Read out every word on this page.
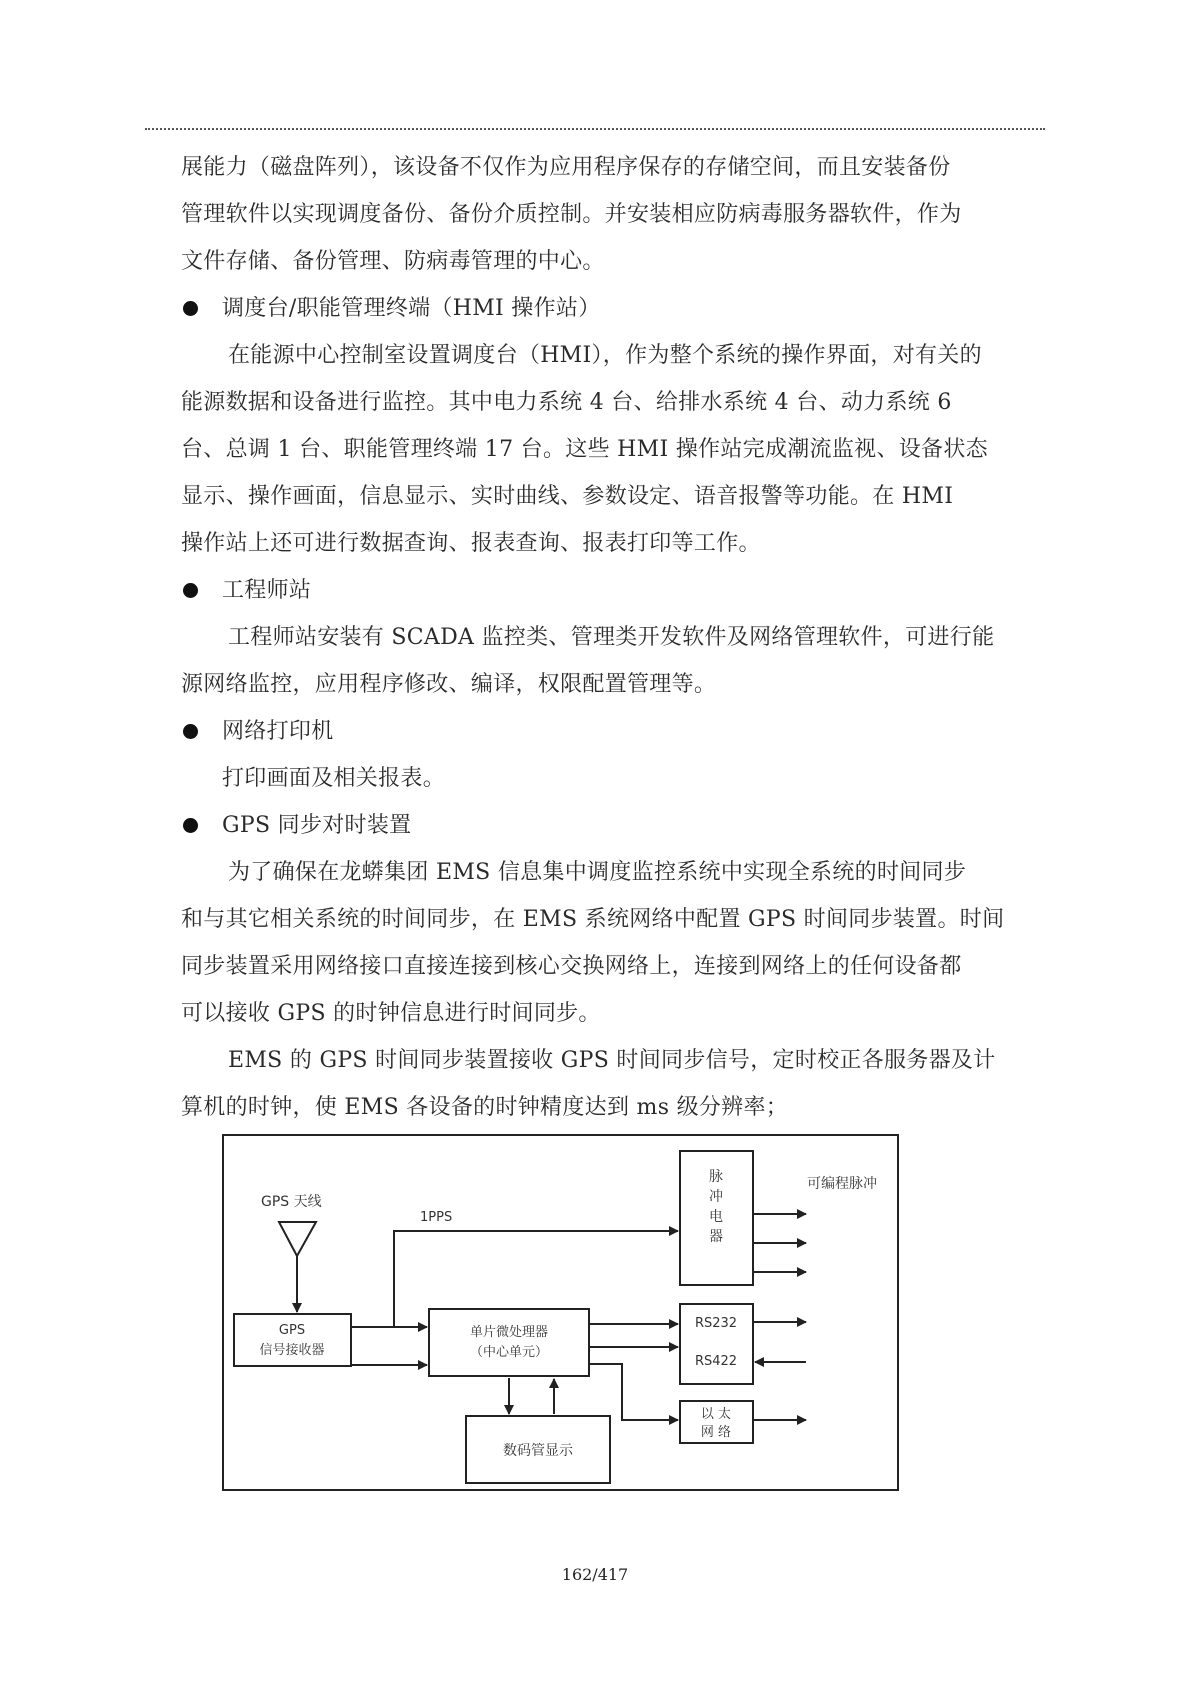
展能力（磁盘阵列），该设备不仅作为应用程序保存的存储空间，而且安装备份
管理软件以实现调度备份、备份介质控制。并安装相应防病毒服务器软件，作为
文件存储、备份管理、防病毒管理的中心。
调度台/职能管理终端（HMI 操作站）
在能源中心控制室设置调度台（HMI），作为整个系统的操作界面，对有关的
能源数据和设备进行监控。其中电力系统 4 台、给排水系统 4 台、动力系统 6
台、总调 1 台、职能管理终端 17 台。这些 HMI 操作站完成潮流监视、设备状态
显示、操作画面，信息显示、实时曲线、参数设定、语音报警等功能。在 HMI
操作站上还可进行数据查询、报表查询、报表打印等工作。
工程师站
工程师站安装有 SCADA 监控类、管理类开发软件及网络管理软件，可进行能
源网络监控，应用程序修改、编译，权限配置管理等。
网络打印机
打印画面及相关报表。
GPS 同步对时装置
为了确保在龙蟒集团 EMS 信息集中调度监控系统中实现全系统的时间同步
和与其它相关系统的时间同步，在 EMS 系统网络中配置 GPS 时间同步装置。时间
同步装置采用网络接口直接连接到核心交换网络上，连接到网络上的任何设备都
可以接收 GPS 的时钟信息进行时间同步。
EMS 的 GPS 时间同步装置接收 GPS 时间同步信号，定时校正各服务器及计
算机的时钟，使 EMS 各设备的时钟精度达到 ms 级分辨率；
GPS 天线
GPS
信号接收器
1PPS
单片微处理器
（中心单元）
脉
冲
电
器
可编程脉冲
RS232
RS422
以 太
网 络
数码管显示
162/417
